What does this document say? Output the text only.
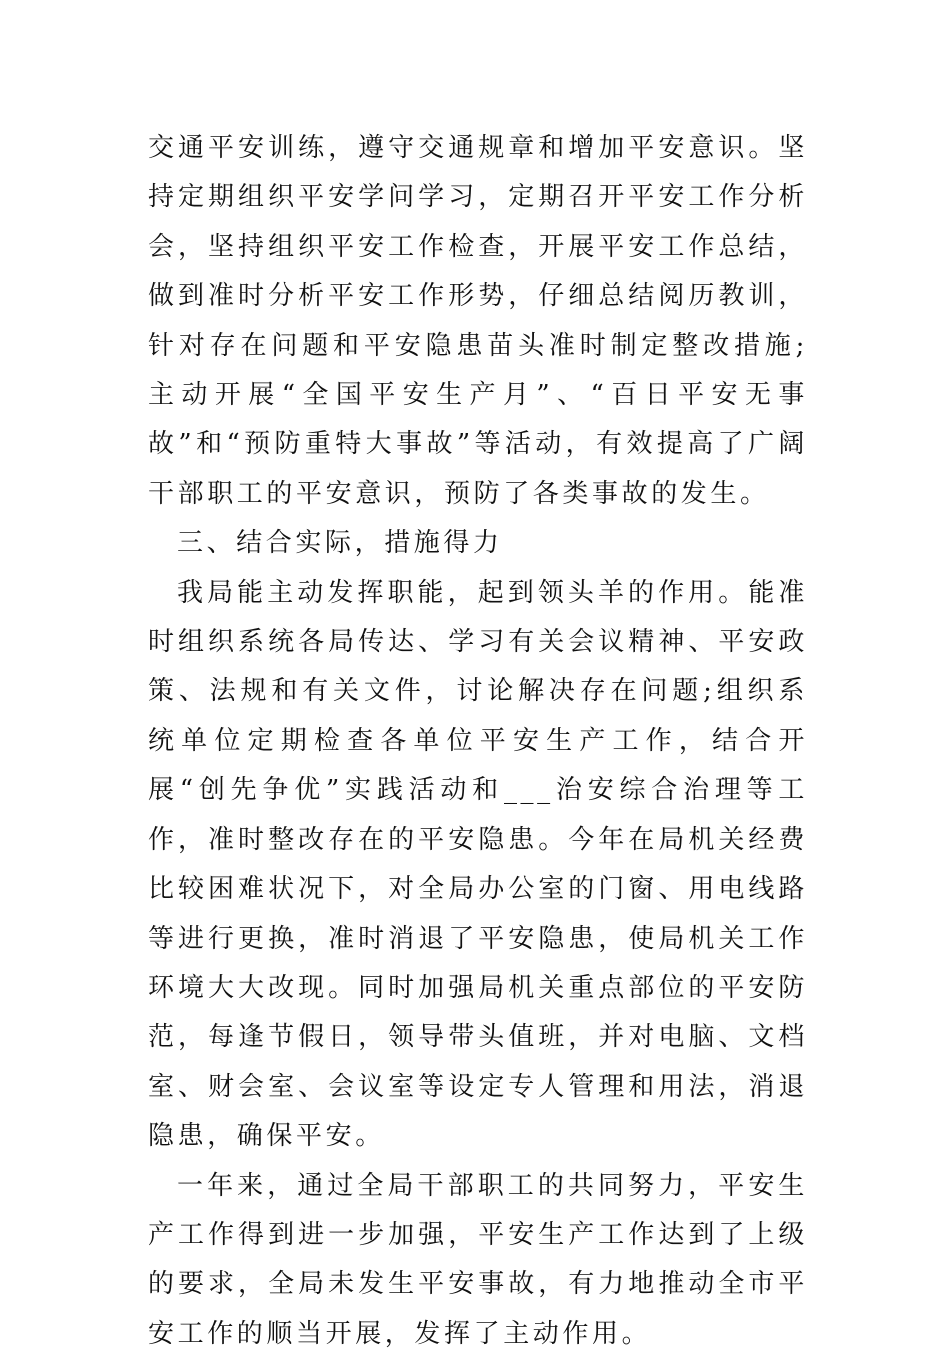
交通平安训练，遵守交通规章和增加平安意识。坚持定期组织平安学问学习，定期召开平安工作分析会，坚持组织平安工作检查，开展平安工作总结，做到准时分析平安工作形势，仔细总结阅历教训，针对存在问题和平安隐患苗头准时制定整改措施;主动开展“全国平安生产月”、“百日平安无事故”和“预防重特大事故”等活动，有效提高了广阔干部职工的平安意识，预防了各类事故的发生。

三、结合实际，措施得力

我局能主动发挥职能，起到领头羊的作用。能准时组织系统各局传达、学习有关会议精神、平安政策、法规和有关文件，讨论解决存在问题;组织系统单位定期检查各单位平安生产工作，结合开展“创先争优”实践活动和___治安综合治理等工作，准时整改存在的平安隐患。今年在局机关经费比较困难状况下，对全局办公室的门窗、用电线路等进行更换，准时消退了平安隐患，使局机关工作环境大大改现。同时加强局机关重点部位的平安防范，每逢节假日，领导带头值班，并对电脑、文档室、财会室、会议室等设定专人管理和用法，消退隐患，确保平安。

一年来，通过全局干部职工的共同努力，平安生产工作得到进一步加强，平安生产工作达到了上级的要求，全局未发生平安事故，有力地推动全市平安工作的顺当开展，发挥了主动作用。
